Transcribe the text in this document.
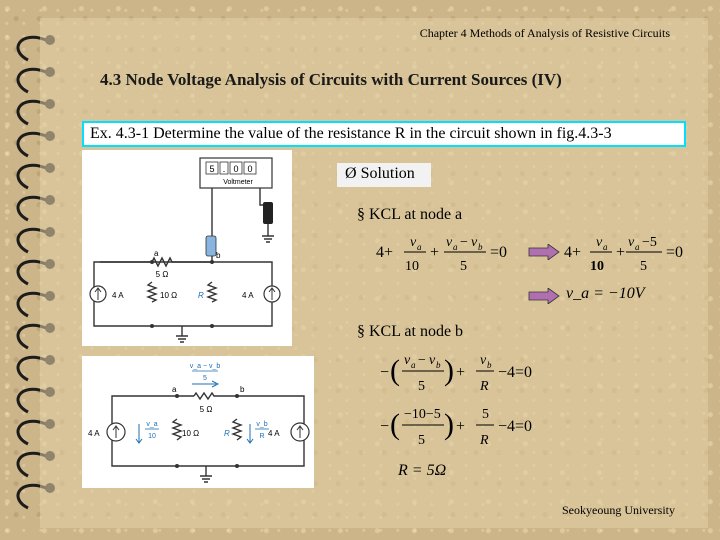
Chapter 4 Methods of Analysis of Resistive Circuits
4.3 Node Voltage Analysis of Circuits with Current Sources (IV)
Ex. 4.3-1 Determine the value of the resistance R in the circuit shown in fig.4.3-3
5 . 0 0
Voltmeter
a	b
5 Ω
4 A	10 Ω	R	4 A
v_a − v_b
5
a	b
5 Ω
4 A
v_a
10	10 Ω	R
v_b
R 4 A
Ø Solution
§ KCL at node a
4+
v a
10
+
v a − v b
5
=0	4+
v a
10
+
v a −5
5
=0
v_a = −10V
§ KCL at node b
− ( v a − v b
5 ) +
v b
R
−4=0
− ( −10−5
5 ) +
5
R
−4=0
R = 5Ω
Seokyeoung University
